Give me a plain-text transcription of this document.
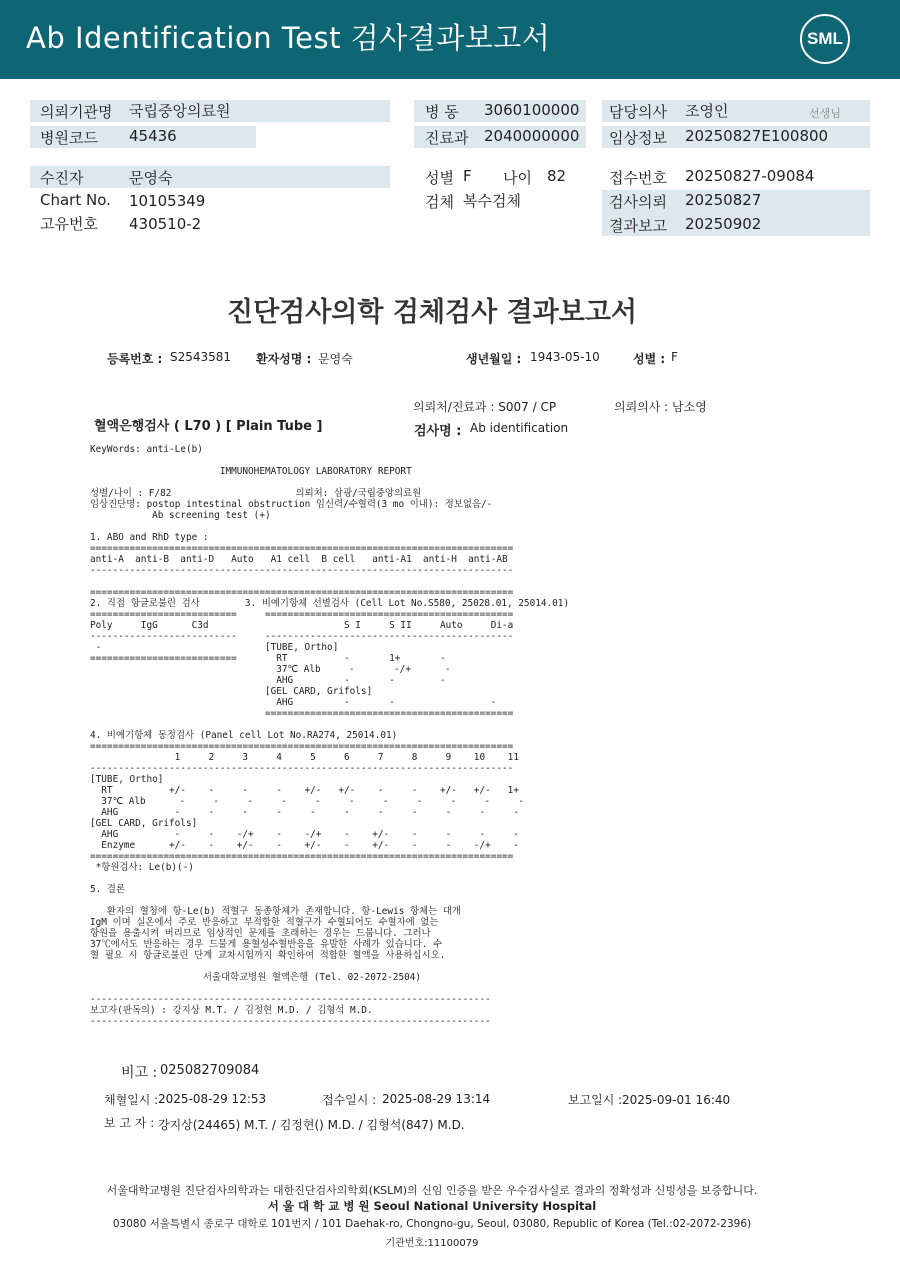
Ab Identification Test 검사결과보고서	SML
의뢰기관명 국립중앙의료원
병원코드 45436
병 동 3060100000
진료과 2040000000
담당의사 조영인	선생님
임상정보 20250827E100800
수진자	문영숙
Chart No. 10105349
고유번호 430510-2
성별 F 나이 82
검체 복수검체
접수번호 20250827-09084
검사의뢰 20250827
결과보고 20250902
진단검사의학 검체검사 결과보고서
등록번호 : S2543581 환자성명 : 문영숙	생년월일 : 1943-05-10	성별 : F
의뢰처/진료과 : S007 / CP	의뢰의사 : 남소영
혈액은행검사 ( L70 ) [ Plain Tube ]	검사명 : Ab identification
KeyWords: anti-Le(b)

IMMUNOHEMATOLOGY LABORATORY REPORT

성별/나이 : F/82                      의뢰처: 삼광/국립중앙의료원
임상진단명: postop intestinal obstruction 임신력/수혈력(3 mo 이내): 정보없음/-
Ab screening test (+)

1. ABO and RhD type :
===========================================================================
anti-A  anti-B  anti-D   Auto   A1 cell  B cell   anti-A1  anti-H  anti-AB
---------------------------------------------------------------------------

===========================================================================
2. 직접 항글로불린 검사        3. 비예기항체 선별검사 (Cell Lot No.S580, 25028.01, 25014.01)
==========================     ============================================
Poly     IgG      C3d                        S I     S II     Auto     Di-a
--------------------------     --------------------------------------------
-                             [TUBE, Ortho]
==========================       RT          -       1+       -
37℃ Alb     -       -/+      -
AHG         -       -        -
[GEL CARD, Grifols]
AHG         -       -                 -
============================================

4. 비예기항체 동정검사 (Panel cell Lot No.RA274, 25014.01)
===========================================================================
1     2     3     4     5     6     7     8     9    10    11
---------------------------------------------------------------------------
[TUBE, Ortho]
RT          +/-    -     -     -    +/-   +/-    -     -    +/-   +/-   1+
37℃ Alb      -     -     -     -     -     -     -     -     -     -     -
AHG          -     -     -     -     -     -     -     -     -     -     -
[GEL CARD, Grifols]
AHG          -     -    -/+    -    -/+    -    +/-    -     -     -     -
Enzyme      +/-    -    +/-    -    +/-    -    +/-    -     -    -/+    -
===========================================================================
*항원검사: Le(b)(-)

5. 결론

환자의 혈청에 항-Le(b) 적혈구 동종항체가 존재합니다. 항-Lewis 항체는 대개
IgM 이며 실온에서 주로 반응하고 부적합한 적혈구가 수혈되어도 수혈자에 없는
항원을 용출시켜 버리므로 임상적인 문제를 초래하는 경우는 드뭅니다. 그러나
37℃에서도 반응하는 경우 드물게 용혈성수혈반응을 유발한 사례가 있습니다. 수
혈 필요 시 항글로불린 단계 교차시험까지 확인하여 적합한 혈액을 사용하십시오.

서울대학교병원 혈액은행 (Tel. 02-2072-2504)

-----------------------------------------------------------------------
보고자(판독의) : 강지상 M.T. / 김정현 M.D. / 김형석 M.D.
-----------------------------------------------------------------------
비고 : 025082709084
채혈일시 : 2025-08-29 12:53	접수일시 : 2025-08-29 13:14	보고일시 : 2025-09-01 16:40
보 고 자 : 강지상(24465) M.T. / 김정현() M.D. / 김형석(847) M.D.
서울대학교병원 진단검사의학과는 대한진단검사의학회(KSLM)의 신임 인증을 받은 우수검사실로 결과의 정확성과 신빙성을 보증합니다.
서 울 대 학 교 병 원 Seoul National University Hospital
03080 서울특별시 종로구 대학로 101번지 / 101 Daehak-ro, Chongno-gu, Seoul, 03080, Republic of Korea (Tel.:02-2072-2396)
기관번호:11100079
